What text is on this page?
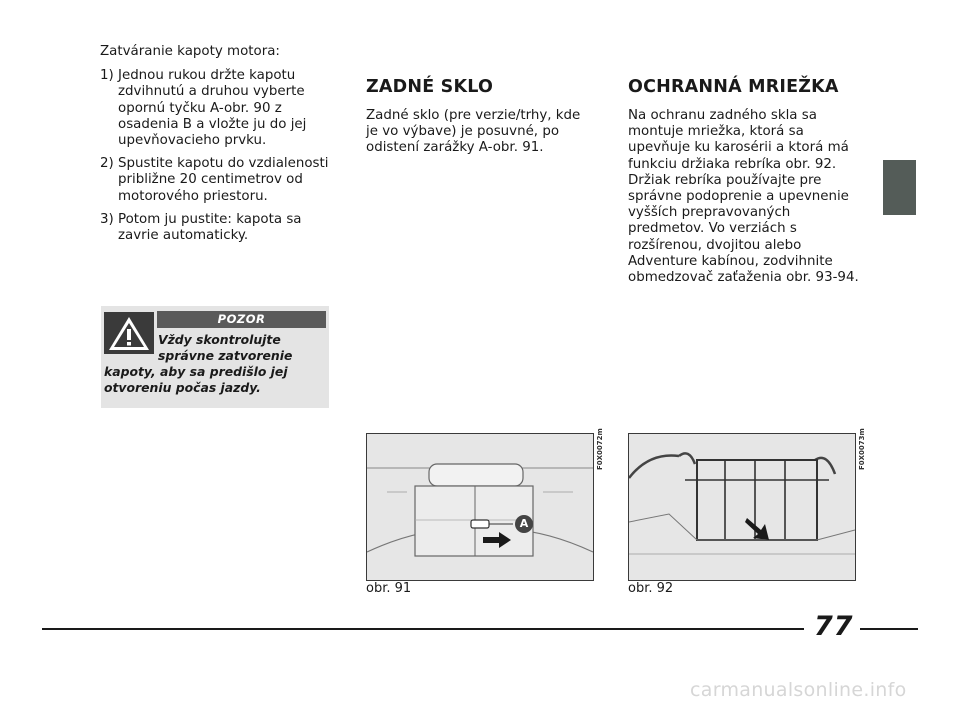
Zatváranie kapoty motora:

1) Jednou rukou držte kapotu zdvihnutú a druhou vyberte opornú tyčku A-obr. 90 z osadenia B a vložte ju do jej upevňovacieho prvku.
2) Spustite kapotu do vzdialenosti približne 20 centimetrov od motorového priestoru.
3) Potom ju pustite: kapota sa zavrie automaticky.
POZOR
Vždy skontrolujte
správne zatvorenie
kapoty, aby sa predišlo jej
otvoreniu počas jazdy.
ZADNÉ SKLO
Zadné sklo (pre verzie/trhy, kde je vo výbave) je posuvné, po odistení zarážky A-obr. 91.
A
F0X0072m
obr. 91
OCHRANNÁ MRIEŽKA
Na ochranu zadného skla sa montuje mriežka, ktorá sa upevňuje ku karosérii a ktorá má funkciu držiaka rebríka obr. 92. Držiak rebríka používajte pre správne podoprenie a upevnenie vyšších prepravovaných predmetov. Vo verziách s rozšírenou, dvojitou alebo Adventure kabínou, zodvihnite obmedzovač zaťaženia obr. 93-94.
F0X0073m
obr. 92
77
carmanualsonline.info
